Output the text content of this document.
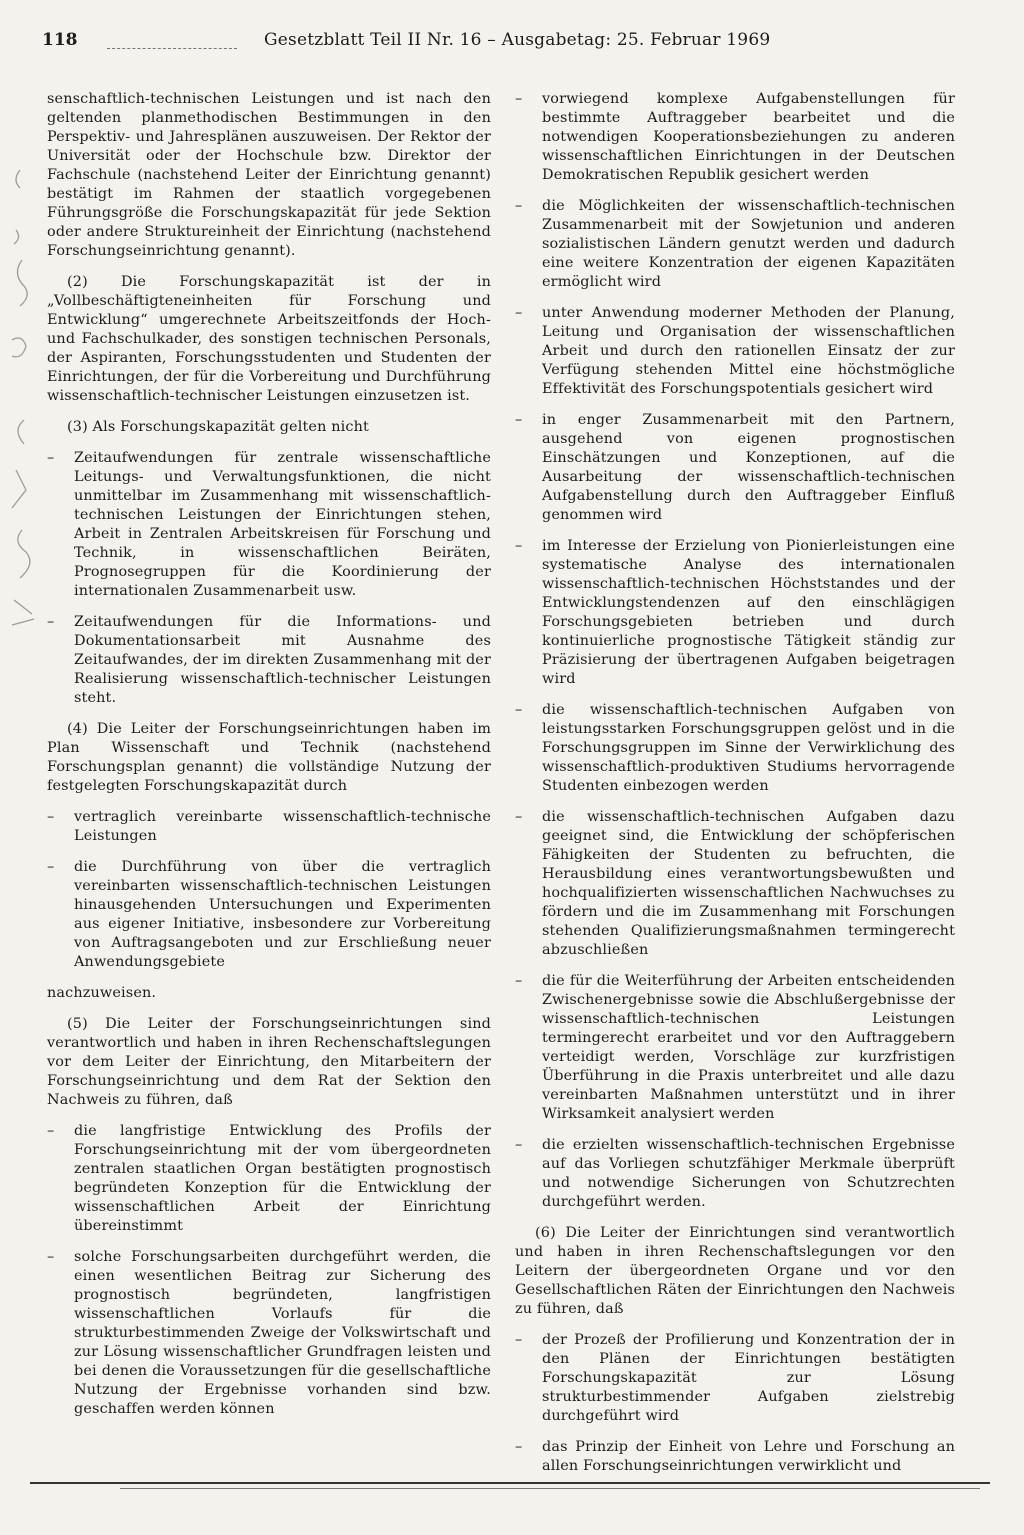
118	Gesetzblatt Teil II Nr. 16 – Ausgabetag: 25. Februar 1969

senschaftlich-technischen Leistungen und ist nach den geltenden planmethodischen Bestimmungen in den Perspektiv- und Jahresplänen auszuweisen. Der Rektor der Universität oder der Hochschule bzw. Direktor der Fachschule (nachstehend Leiter der Einrichtung genannt) bestätigt im Rahmen der staatlich vorgegebenen Führungsgröße die Forschungskapazität für jede Sektion oder andere Struktureinheit der Einrichtung (nachstehend Forschungseinrichtung genannt).

(2) Die Forschungskapazität ist der in „Vollbeschäftigteneinheiten für Forschung und Entwicklung“ umgerechnete Arbeitszeitfonds der Hoch- und Fachschulkader, des sonstigen technischen Personals, der Aspiranten, Forschungsstudenten und Studenten der Einrichtungen, der für die Vorbereitung und Durchführung wissenschaftlich-technischer Leistungen einzusetzen ist.

(3) Als Forschungskapazität gelten nicht

– Zeitaufwendungen für zentrale wissenschaftliche Leitungs- und Verwaltungsfunktionen, die nicht unmittelbar im Zusammenhang mit wissenschaftlich-technischen Leistungen der Einrichtungen stehen, Arbeit in Zentralen Arbeitskreisen für Forschung und Technik, in wissenschaftlichen Beiräten, Prognosegruppen für die Koordinierung der internationalen Zusammenarbeit usw.
– Zeitaufwendungen für die Informations- und Dokumentationsarbeit mit Ausnahme des Zeitaufwandes, der im direkten Zusammenhang mit der Realisierung wissenschaftlich-technischer Leistungen steht.

(4) Die Leiter der Forschungseinrichtungen haben im Plan Wissenschaft und Technik (nachstehend Forschungsplan genannt) die vollständige Nutzung der festgelegten Forschungskapazität durch

– vertraglich vereinbarte wissenschaftlich-technische Leistungen
– die Durchführung von über die vertraglich vereinbarten wissenschaftlich-technischen Leistungen hinausgehenden Untersuchungen und Experimenten aus eigener Initiative, insbesondere zur Vorbereitung von Auftragsangeboten und zur Erschließung neuer Anwendungsgebiete

nachzuweisen.

(5) Die Leiter der Forschungseinrichtungen sind verantwortlich und haben in ihren Rechenschaftslegungen vor dem Leiter der Einrichtung, den Mitarbeitern der Forschungseinrichtung und dem Rat der Sektion den Nachweis zu führen, daß

– die langfristige Entwicklung des Profils der Forschungseinrichtung mit der vom übergeordneten zentralen staatlichen Organ bestätigten prognostisch begründeten Konzeption für die Entwicklung der wissenschaftlichen Arbeit der Einrichtung übereinstimmt
– solche Forschungsarbeiten durchgeführt werden, die einen wesentlichen Beitrag zur Sicherung des prognostisch begründeten, langfristigen wissenschaftlichen Vorlaufs für die strukturbestimmenden Zweige der Volkswirtschaft und zur Lösung wissenschaftlicher Grundfragen leisten und bei denen die Voraussetzungen für die gesellschaftliche Nutzung der Ergebnisse vorhanden sind bzw. geschaffen werden können
– vorwiegend komplexe Aufgabenstellungen für bestimmte Auftraggeber bearbeitet und die notwendigen Kooperationsbeziehungen zu anderen wissenschaftlichen Einrichtungen in der Deutschen Demokratischen Republik gesichert werden
– die Möglichkeiten der wissenschaftlich-technischen Zusammenarbeit mit der Sowjetunion und anderen sozialistischen Ländern genutzt werden und dadurch eine weitere Konzentration der eigenen Kapazitäten ermöglicht wird
– unter Anwendung moderner Methoden der Planung, Leitung und Organisation der wissenschaftlichen Arbeit und durch den rationellen Einsatz der zur Verfügung stehenden Mittel eine höchstmögliche Effektivität des Forschungspotentials gesichert wird
– in enger Zusammenarbeit mit den Partnern, ausgehend von eigenen prognostischen Einschätzungen und Konzeptionen, auf die Ausarbeitung der wissenschaftlich-technischen Aufgabenstellung durch den Auftraggeber Einfluß genommen wird
– im Interesse der Erzielung von Pionierleistungen eine systematische Analyse des internationalen wissenschaftlich-technischen Höchststandes und der Entwicklungstendenzen auf den einschlägigen Forschungsgebieten betrieben und durch kontinuierliche prognostische Tätigkeit ständig zur Präzisierung der übertragenen Aufgaben beigetragen wird
– die wissenschaftlich-technischen Aufgaben von leistungsstarken Forschungsgruppen gelöst und in die Forschungsgruppen im Sinne der Verwirklichung des wissenschaftlich-produktiven Studiums hervorragende Studenten einbezogen werden
– die wissenschaftlich-technischen Aufgaben dazu geeignet sind, die Entwicklung der schöpferischen Fähigkeiten der Studenten zu befruchten, die Herausbildung eines verantwortungsbewußten und hochqualifizierten wissenschaftlichen Nachwuchses zu fördern und die im Zusammenhang mit Forschungen stehenden Qualifizierungsmaßnahmen termingerecht abzuschließen
– die für die Weiterführung der Arbeiten entscheidenden Zwischenergebnisse sowie die Abschlußergebnisse der wissenschaftlich-technischen Leistungen termingerecht erarbeitet und vor den Auftraggebern verteidigt werden, Vorschläge zur kurzfristigen Überführung in die Praxis unterbreitet und alle dazu vereinbarten Maßnahmen unterstützt und in ihrer Wirksamkeit analysiert werden
– die erzielten wissenschaftlich-technischen Ergebnisse auf das Vorliegen schutzfähiger Merkmale überprüft und notwendige Sicherungen von Schutzrechten durchgeführt werden.

(6) Die Leiter der Einrichtungen sind verantwortlich und haben in ihren Rechenschaftslegungen vor den Leitern der übergeordneten Organe und vor den Gesellschaftlichen Räten der Einrichtungen den Nachweis zu führen, daß

– der Prozeß der Profilierung und Konzentration der in den Plänen der Einrichtungen bestätigten Forschungskapazität zur Lösung strukturbestimmender Aufgaben zielstrebig durchgeführt wird
– das Prinzip der Einheit von Lehre und Forschung an allen Forschungseinrichtungen verwirklicht und
